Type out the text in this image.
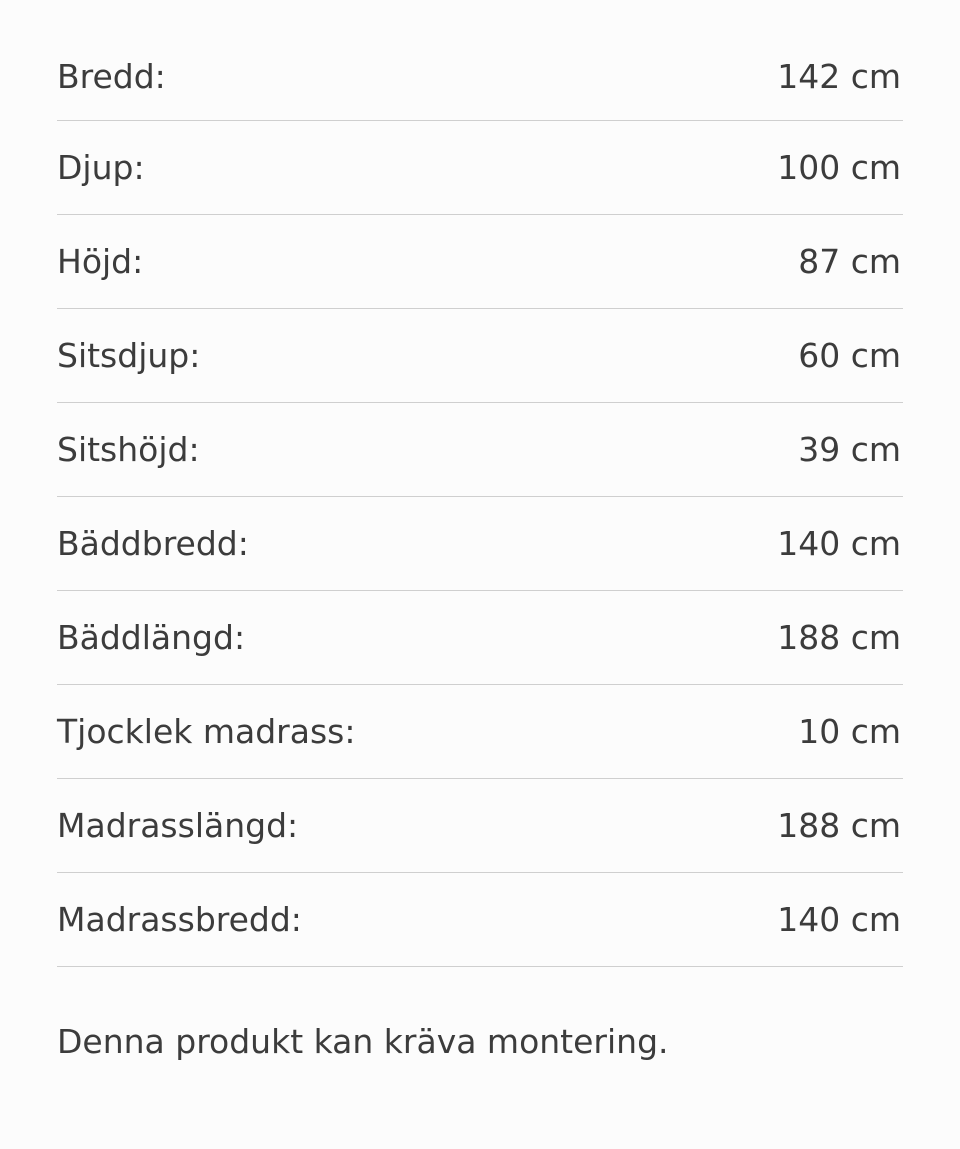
Bredd:	142 cm
Djup:	100 cm
Höjd:	87 cm
Sitsdjup:	60 cm
Sitshöjd:	39 cm
Bäddbredd:	140 cm
Bäddlängd:	188 cm
Tjocklek madrass:	10 cm
Madrasslängd:	188 cm
Madrassbredd:	140 cm
Denna produkt kan kräva montering.
